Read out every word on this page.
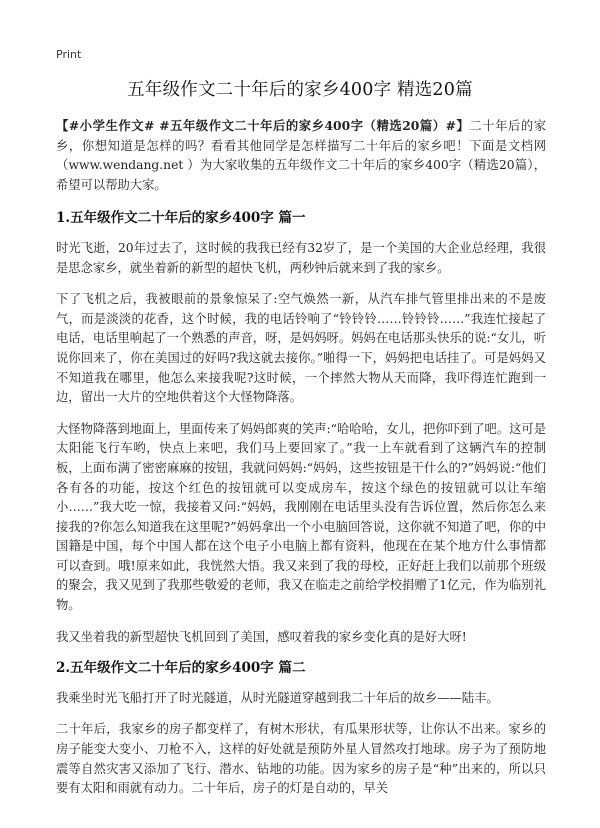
Print
五年级作文二十年后的家乡400字 精选20篇

【#小学生作文# #五年级作文二十年后的家乡400字（精选20篇）#】二十年后的家乡，你想知道是怎样的吗？看看其他同学是怎样描写二十年后的家乡吧！下面是文档网（www.wendang.net ）为大家收集的五年级作文二十年后的家乡400字（精选20篇），希望可以帮助大家。

1.五年级作文二十年后的家乡400字 篇一

时光飞逝，20年过去了，这时候的我我已经有32岁了，是一个美国的大企业总经理，我很是思念家乡，就坐着新的新型的超快飞机，两秒钟后就来到了我的家乡。

下了飞机之后，我被眼前的景象惊呆了:空气焕然一新，从汽车排气管里排出来的不是废气，而是淡淡的花香，这个时候，我的电话铃响了“铃铃铃……铃铃铃……”我连忙接起了电话，电话里响起了一个熟悉的声音，呀，是妈妈呀。妈妈在电话那头快乐的说:“女儿，听说你回来了，你在美国过的好吗?我这就去接你。”啪得一下，妈妈把电话挂了。可是妈妈又不知道我在哪里，他怎么来接我呢?这时候，一个摔然大物从天而降，我吓得连忙跑到一边，留出一大片的空地供着这个大怪物降落。

大怪物降落到地面上，里面传来了妈妈郎爽的笑声:“哈哈哈，女儿，把你吓到了吧。这可是太阳能飞行车哟，快点上来吧，我们马上要回家了。”我一上车就看到了这辆汽车的控制板，上面布满了密密麻麻的按钮，我就问妈妈:“妈妈，这些按钮是干什么的?”妈妈说:“他们各有各的功能，按这个红色的按钮就可以变成房车，按这个绿色的按钮就可以让车缩小……”我大吃一惊，我接着又问:“妈妈，我刚刚在电话里头没有告诉位置，然后你怎么来接我的?你怎么知道我在这里呢?”妈妈拿出一个小电脑回答说，这你就不知道了吧，你的中国籍是中国，每个中国人都在这个电子小电脑上都有资料，他现在在某个地方什么事情都可以查到。哦!原来如此，我恍然大悟。我又来到了我的母校，正好赶上我们以前那个班级的聚会，我又见到了我那些敬爱的老师，我又在临走之前给学校捐赠了1亿元，作为临别礼物。

我又坐着我的新型超快飞机回到了美国，感叹着我的家乡变化真的是好大呀!

2.五年级作文二十年后的家乡400字 篇二

我乘坐时光飞船打开了时光隧道，从时光隧道穿越到我二十年后的故乡——陆丰。

二十年后，我家乡的房子都变样了，有树木形状，有瓜果形状等，让你认不出来。家乡的房子能变大变小、刀枪不入，这样的好处就是预防外星人冒然攻打地球。房子为了预防地震等自然灾害又添加了飞行、潜水、钻地的功能。因为家乡的房子是“种”出来的，所以只要有太阳和雨就有动力。二十年后，房子的灯是自动的，早关
